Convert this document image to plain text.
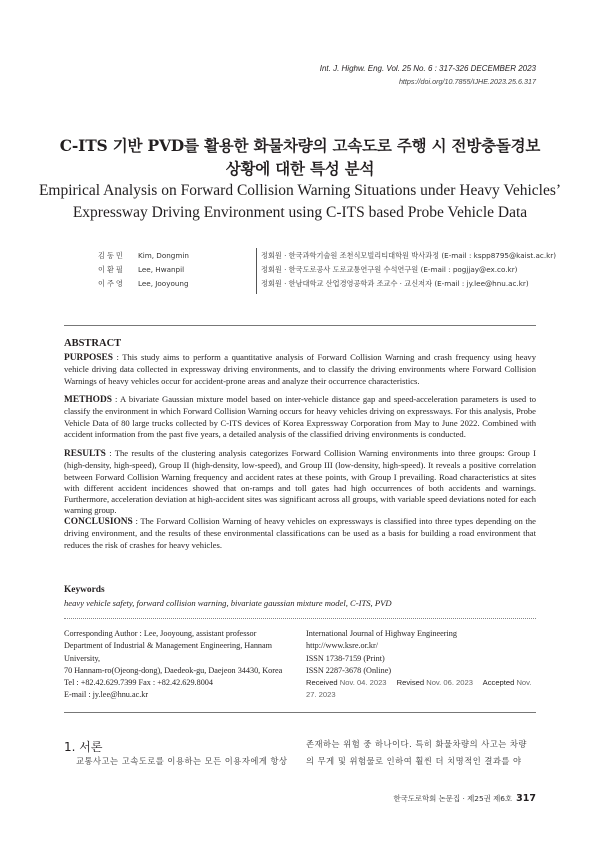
Int. J. Highw. Eng. Vol. 25 No. 6 : 317-326 DECEMBER 2023
https://doi.org/10.7855/IJHE.2023.25.6.317
C-ITS 기반 PVD를 활용한 화물차량의 고속도로 주행 시 전방충돌경보
상황에 대한 특성 분석
Empirical Analysis on Forward Collision Warning Situations under Heavy Vehicles’
Expressway Driving Environment using C-ITS based Probe Vehicle Data
김동민	Kim, Dongmin	정회원 · 한국과학기술원 조천식모빌리티대학원 박사과정 (E-mail : kspp8795@kaist.ac.kr)
이환필	Lee, Hwanpil	정회원 · 한국도로공사 도로교통연구원 수석연구원 (E-mail : pogjjay@ex.co.kr)
이주영	Lee, Jooyoung	정회원 · 한남대학교 산업경영공학과 조교수 · 교신저자 (E-mail : jy.lee@hnu.ac.kr)
ABSTRACT
PURPOSES : This study aims to perform a quantitative analysis of Forward Collision Warning and crash frequency using heavy vehicle driving data collected in expressway driving environments, and to classify the driving environments where Forward Collision Warnings of heavy vehicles occur for accident-prone areas and analyze their occurrence characteristics.
METHODS : A bivariate Gaussian mixture model based on inter-vehicle distance gap and speed-acceleration parameters is used to classify the environment in which Forward Collision Warning occurs for heavy vehicles driving on expressways. For this analysis, Probe Vehicle Data of 80 large trucks collected by C-ITS devices of Korea Expressway Corporation from May to June 2022. Combined with accident information from the past five years, a detailed analysis of the classified driving environments is conducted.
RESULTS : The results of the clustering analysis categorizes Forward Collision Warning environments into three groups: Group I (high-density, high-speed), Group II (high-density, low-speed), and Group III (low-density, high-speed). It reveals a positive correlation between Forward Collision Warning frequency and accident rates at these points, with Group I prevailing. Road characteristics at sites with different accident incidences showed that on-ramps and toll gates had high occurrences of both accidents and warnings. Furthermore, acceleration deviation at high-accident sites was significant across all groups, with variable speed deviations noted for each warning group.
CONCLUSIONS : The Forward Collision Warning of heavy vehicles on expressways is classified into three types depending on the driving environment, and the results of these environmental classifications can be used as a basis for building a road environment that reduces the risk of crashes for heavy vehicles.
Keywords
heavy vehicle safety, forward collision warning, bivariate gaussian mixture model, C-ITS, PVD
Corresponding Author : Lee, Jooyoung, assistant professor
Department of Industrial & Management Engineering, Hannam University,
70 Hannam-ro(Ojeong-dong), Daedeok-gu, Daejeon 34430, Korea
Tel : +82.42.629.7399 Fax : +82.42.629.8004
E-mail : jy.lee@hnu.ac.kr
International Journal of Highway Engineering
http://www.ksre.or.kr/
ISSN 1738-7159 (Print)
ISSN 2287-3678 (Online)
Received Nov. 04. 2023 Revised Nov. 06. 2023 Accepted Nov. 27. 2023
1. 서론
교통사고는 고속도로를 이용하는 모든 이용자에게 항상
존재하는 위험 중 하나이다. 특히 화물차량의 사고는 차량
의 무게 및 위험물로 인하여 훨씬 더 치명적인 결과를 야
한국도로학회 논문집 · 제25권 제6호 317
